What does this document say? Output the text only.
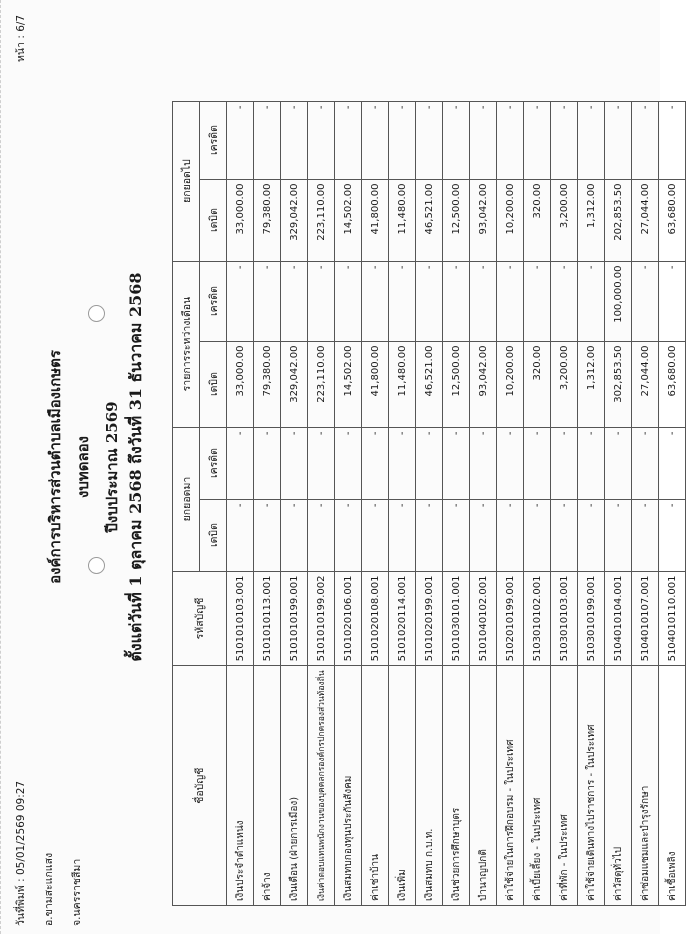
วันที่พิมพ์ : 05/01/2569 09:27 อ.ขามสะแกแสง จ.นครราชสีมา
หน้า : 6/7
องค์การบริหารส่วนตำบลเมืองเกษตร งบทดลอง ปีงบประมาณ 2569 ตั้งแต่วันที่ 1 ตุลาคม 2568 ถึงวันที่ 31 ธันวาคม 2568
ชื่อบัญชี	รหัสบัญชี	ยกยอดมา		รายการระหว่างเดือน		ยกยอดไป	
		เดบิต	เครดิต	เดบิต	เครดิต	เดบิต	เครดิต
เงินประจำตำแหน่ง	5101010103.001	-	-	33,000.00	-	33,000.00	-
ค่าจ้าง	5101010113.001	-	-	79,380.00	-	79,380.00	-
เงินเดือน (ฝ่ายการเมือง)	5101010199.001	-	-	329,042.00	-	329,042.00	-
เงินค่าตอบแทนพนักงานของบุคคลกรองค์กรปกครองส่วนท้องถิ่น	5101010199.002	-	-	223,110.00	-	223,110.00	-
เงินสมทบกองทุนประกันสังคม	5101020106.001	-	-	14,502.00	-	14,502.00	-
ค่าเช่าบ้าน	5101020108.001	-	-	41,800.00	-	41,800.00	-
เงินเพิ่ม	5101020114.001	-	-	11,480.00	-	11,480.00	-
เงินสมทบ ก.บ.ท.	5101020199.001	-	-	46,521.00	-	46,521.00	-
เงินช่วยการศึกษาบุตร	5101030101.001	-	-	12,500.00	-	12,500.00	-
บำนาญปกติ	5101040102.001	-	-	93,042.00	-	93,042.00	-
ค่าใช้จ่ายในการฝึกอบรม - ในประเทศ	5102010199.001	-	-	10,200.00	-	10,200.00	-
ค่าเบี้ยเลี้ยง - ในประเทศ	5103010102.001	-	-	320.00	-	320.00	-
ค่าที่พัก - ในประเทศ	5103010103.001	-	-	3,200.00	-	3,200.00	-
ค่าใช้จ่ายเดินทางไปราชการ - ในประเทศ	5103010199.001	-	-	1,312.00	-	1,312.00	-
ค่าวัสดุทั่วไป	5104010104.001	-	-	302,853.50	100,000.00	202,853.50	-
ค่าซ่อมแซมและบำรุงรักษา	5104010107.001	-	-	27,044.00	-	27,044.00	-
ค่าเชื้อเพลิง	5104010110.001	-	-	63,680.00	-	63,680.00	-
